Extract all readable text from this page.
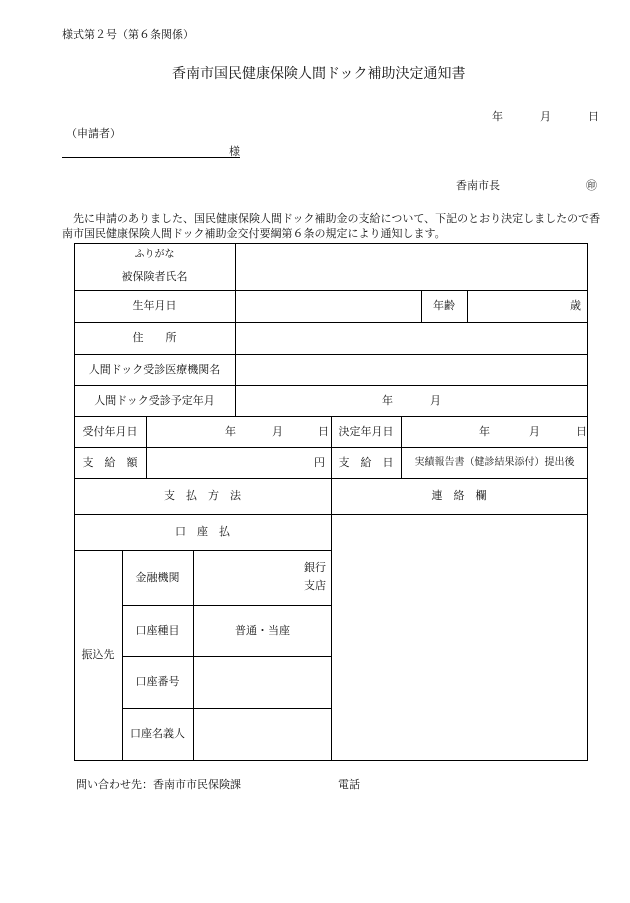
様式第２号（第６条関係）
香南市国民健康保険人間ドック補助決定通知書
年	月	日
（申請者）
様
香南市長	㊞
先に申請のありました、国民健康保険人間ドック補助金の支給について、下記のとおり決定しましたので香南市国民健康保険人間ドック補助金交付要綱第６条の規定により通知します。
ふりがな
被保険者氏名
生年月日	年齢	歳
住　　所
人間ドック受診医療機関名
人間ドック受診予定年月	年	月
受付年月日	年	月	日 決定年月日	年	月	日
支　給　額	円	支　給　日	実績報告書（健診結果添付）提出後
支　払　方　法	連　絡　欄
口　座　払
振込先
金融機関
銀行
支店
口座種目	普通・当座
口座番号
口座名義人
問い合わせ先：香南市市民保険課	電話
